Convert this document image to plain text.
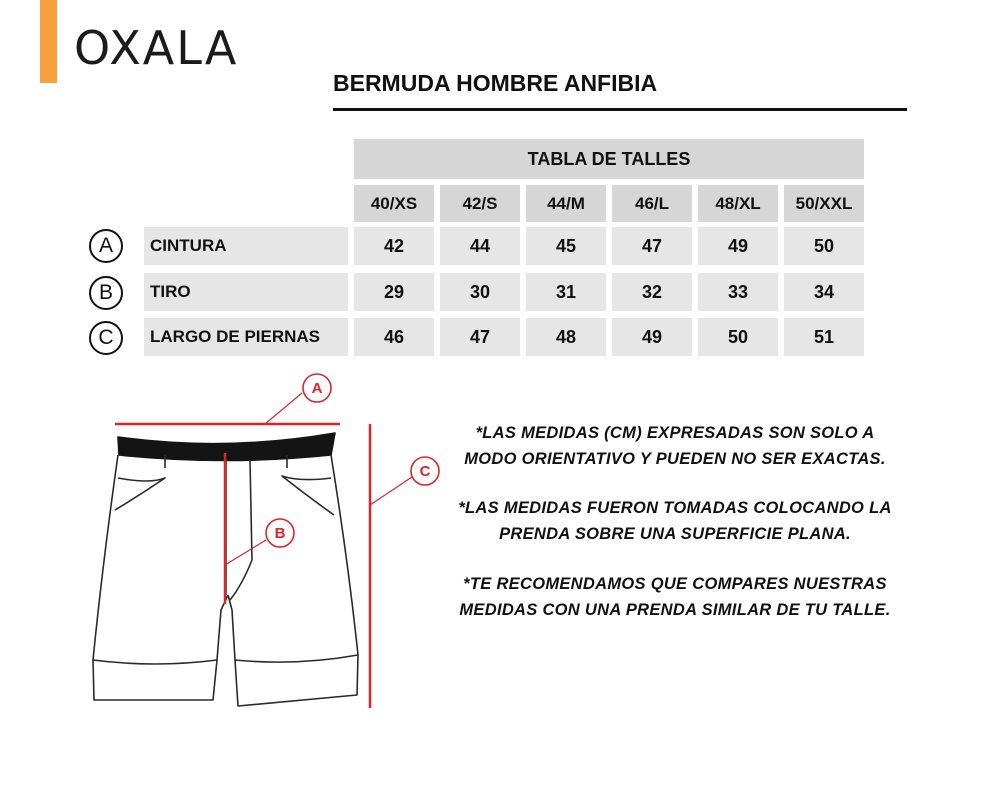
OXALA
BERMUDA HOMBRE ANFIBIA
TABLA DE TALLES
40/XS	42/S	44/M	46/L	48/XL	50/XXL
A	CINTURA	42	44	45	47	49	50
B	TIRO	29	30	31	32	33	34
C	LARGO DE PIERNAS	46	47	48	49	50	51
A
B
C
*LAS MEDIDAS (CM) EXPRESADAS SON SOLO A MODO ORIENTATIVO Y PUEDEN NO SER EXACTAS.
*LAS MEDIDAS FUERON TOMADAS COLOCANDO LA PRENDA SOBRE UNA SUPERFICIE PLANA.
*TE RECOMENDAMOS QUE COMPARES NUESTRAS MEDIDAS CON UNA PRENDA SIMILAR DE TU TALLE.
